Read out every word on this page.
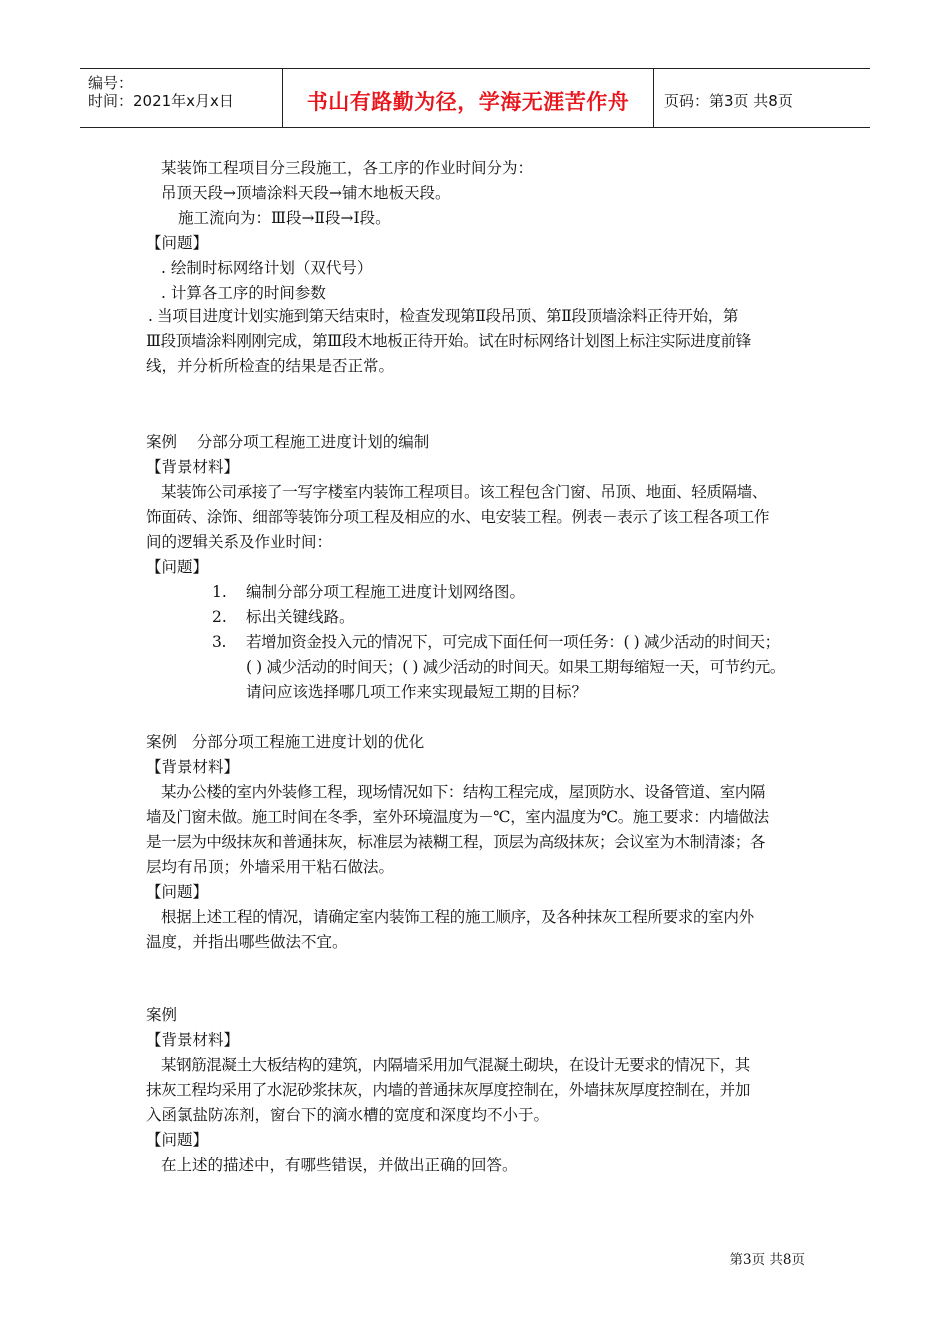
编号：
时间：2021年x月x日	书山有路勤为径，学海无涯苦作舟 页码：第3页 共8页
某装饰工程项目分三段施工，各工序的作业时间分为：
吊顶天段→顶墙涂料天段→铺木地板天段。
施工流向为：Ⅲ段→Ⅱ段→Ⅰ段。
【问题】
. 绘制时标网络计划（双代号）
. 计算各工序的时间参数
. 当项目进度计划实施到第天结束时，检查发现第Ⅱ段吊顶、第Ⅱ段顶墙涂料正待开始，第
Ⅲ段顶墙涂料刚刚完成，第Ⅲ段木地板正待开始。试在时标网络计划图上标注实际进度前锋
线，并分析所检查的结果是否正常。
案例    分部分项工程施工进度计划的编制
【背景材料】
某装饰公司承接了一写字楼室内装饰工程项目。该工程包含门窗、吊顶、地面、轻质隔墙、
饰面砖、涂饰、细部等装饰分项工程及相应的水、电安装工程。例表－表示了该工程各项工作
间的逻辑关系及作业时间：
【问题】
1. 编制分部分项工程施工进度计划网络图。
2. 标出关键线路。
3. 若增加资金投入元的情况下，可完成下面任何一项任务：( ) 减少活动的时间天；
( ) 减少活动的时间天；( ) 减少活动的时间天。如果工期每缩短一天，可节约元。
请问应该选择哪几项工作来实现最短工期的目标？
案例   分部分项工程施工进度计划的优化
【背景材料】
某办公楼的室内外装修工程，现场情况如下：结构工程完成，屋顶防水、设备管道、室内隔
墙及门窗未做。施工时间在冬季，室外环境温度为－℃，室内温度为℃。施工要求：内墙做法
是一层为中级抹灰和普通抹灰，标准层为裱糊工程，顶层为高级抹灰；会议室为木制清漆；各
层均有吊顶；外墙采用干粘石做法。
【问题】
根据上述工程的情况，请确定室内装饰工程的施工顺序，及各种抹灰工程所要求的室内外
温度，并指出哪些做法不宜。
案例
【背景材料】
某钢筋混凝土大板结构的建筑，内隔墙采用加气混凝土砌块，在设计无要求的情况下，其
抹灰工程均采用了水泥砂浆抹灰，内墙的普通抹灰厚度控制在，外墙抹灰厚度控制在，并加
入函氯盐防冻剂，窗台下的滴水槽的宽度和深度均不小于。
【问题】
在上述的描述中，有哪些错误，并做出正确的回答。
第3页 共8页
